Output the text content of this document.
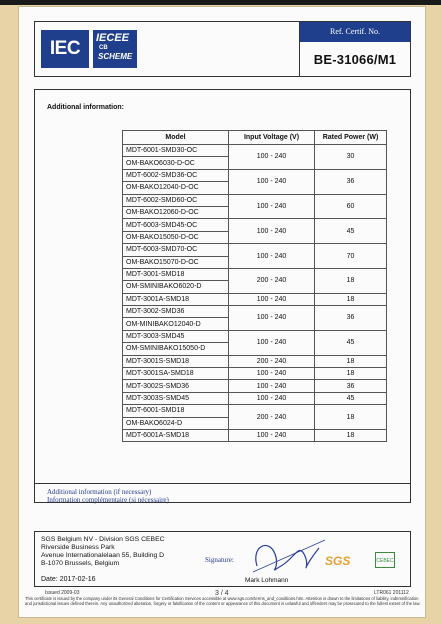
IEC	IECEE
CB
SCHEME
Ref. Certif. No.
BE-31066/M1
Additional information:
Model	Input Voltage (V)	Rated Power (W)
MDT-6001-SMD30-OC	100 - 240	30
OM-BAKO6030-D-OC		
MDT-6002-SMD36-OC	100 - 240	36
OM-BAKO12040-D-OC		
MDT-6002-SMD60-OC	100 - 240	60
OM-BAKO12060-D-OC		
MDT-6003-SMD45-OC	100 - 240	45
OM-BAKO15050-D-OC		
MDT-6003-SMD70-OC	100 - 240	70
OM-BAKO15070-D-OC		
MDT-3001-SMD18	200 - 240	18
OM-SMINIBAKO6020-D		
MDT-3001A-SMD18	100 - 240	18
MDT-3002-SMD36	100 - 240	36
OM-MINIBAKO12040-D		
MDT-3003-SMD45	100 - 240	45
OM-SMINIBAKO15050-D		
MDT-3001S-SMD18	200 - 240	18
MDT-3001SA-SMD18	100 - 240	18
MDT-3002S-SMD36	100 - 240	36
MDT-3003S-SMD45	100 - 240	45
MDT-6001-SMD18	200 - 240	18
OM-BAKO6024-D		
MDT-6001A-SMD18	100 - 240	18
Additional information (if necessary)
Information complémentaire (si nécessaire)
SGS Belgium NV - Division SGS CEBEC
Riverside Business Park
Avenue Internationalelaan 55, Building D
B-1070 Brussels, Belgium
Date: 2017-02-16
Signature:
Mark Lohmann
SGS	CEBEC
Issued 2009-03	3 / 4	LTR061 201112
This certificate is issued by the company under its General Conditions for Certification Services accessible at www.sgs.com/terms_and_conditions.htm. Attention is drawn to the limitations of liability, indemnification and jurisdictional issues defined therein. Any unauthorized alteration, forgery or falsification of the content or appearance of this document is unlawful and offenders may be prosecuted to the fullest extent of the law.
